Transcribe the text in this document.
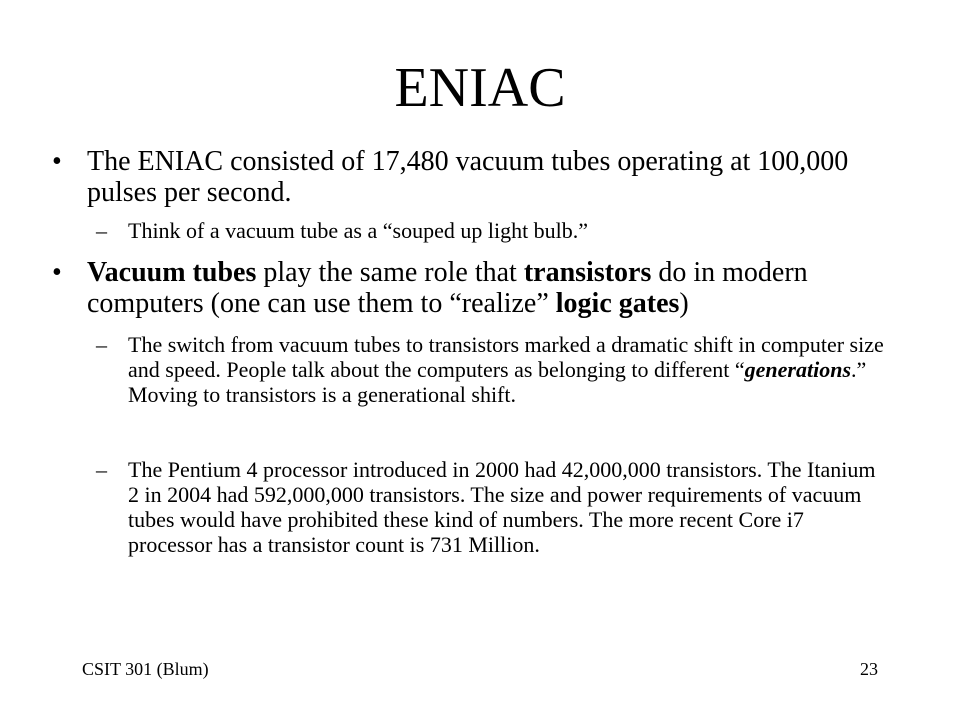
ENIAC
• The ENIAC consisted of 17,480 vacuum tubes operating at 100,000 pulses per second.
– Think of a vacuum tube as a “souped up light bulb.”
• Vacuum tubes play the same role that transistors do in modern computers (one can use them to “realize” logic gates)
– The switch from vacuum tubes to transistors marked a dramatic shift in computer size and speed. People talk about the computers as belonging to different “generations.” Moving to transistors is a generational shift.
– The Pentium 4 processor introduced in 2000 had 42,000,000 transistors. The Itanium 2 in 2004 had 592,000,000 transistors. The size and power requirements of vacuum tubes would have prohibited these kind of numbers. The more recent Core i7 processor has a transistor count is 731 Million.
CSIT 301 (Blum)	23
